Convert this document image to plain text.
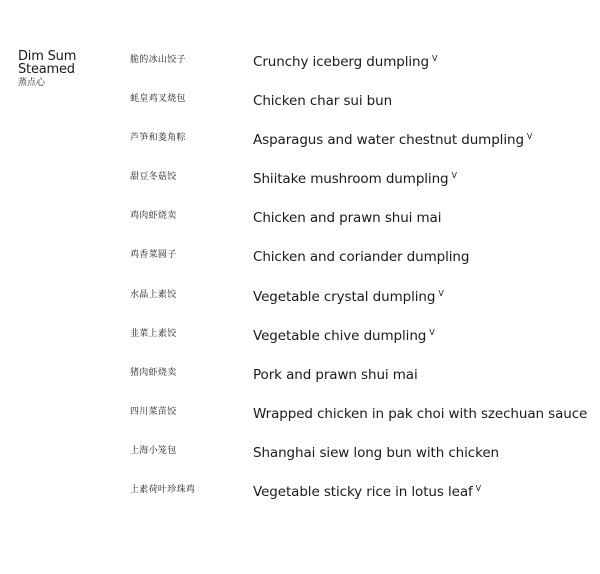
Dim Sum
Steamed
蒸点心
脆的冰山饺子	Crunchy iceberg dumpling $^V$
蚝皇鸡叉烧包	Chicken char sui bun
芦笋和菱角粽	Asparagus and water chestnut dumpling $^V$
甜豆冬菇饺	Shiitake mushroom dumpling $^V$
鸡肉虾烧卖	Chicken and prawn shui mai
鸡香菜圆子	Chicken and coriander dumpling
水晶上素饺	Vegetable crystal dumpling $^V$
韭菜上素饺	Vegetable chive dumpling $^V$
猪肉虾烧卖	Pork and prawn shui mai
四川菜苗饺	Wrapped chicken in pak choi with szechuan sauce
上海小笼包	Shanghai siew long bun with chicken
上素荷叶珍珠鸡	Vegetable sticky rice in lotus leaf $^V$
